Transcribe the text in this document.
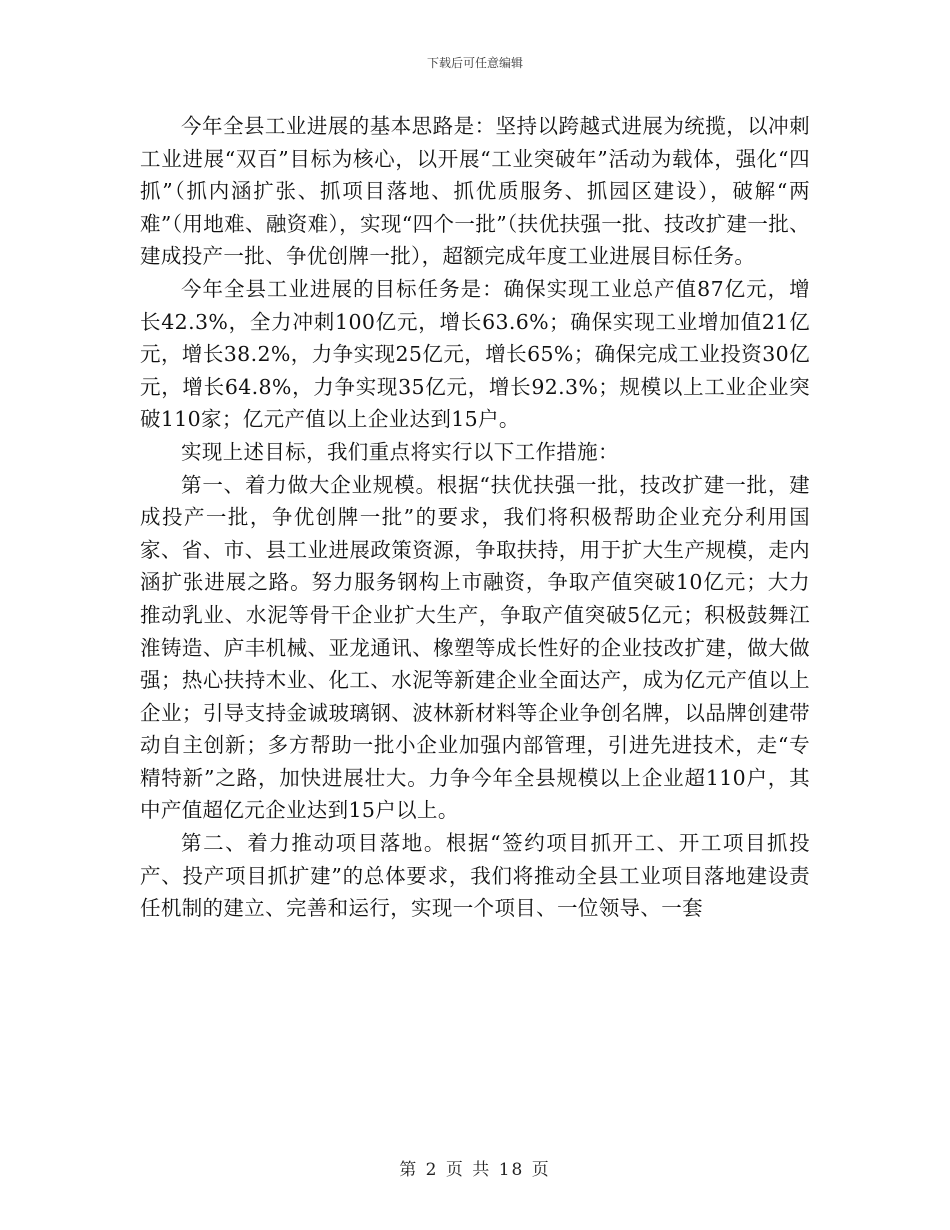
下载后可任意编辑

今年全县工业进展的基本思路是：坚持以跨越式进展为统揽，以冲刺工业进展“双百”目标为核心，以开展“工业突破年”活动为载体，强化“四抓”（抓内涵扩张、抓项目落地、抓优质服务、抓园区建设），破解“两难”（用地难、融资难），实现“四个一批”（扶优扶强一批、技改扩建一批、建成投产一批、争优创牌一批），超额完成年度工业进展目标任务。

今年全县工业进展的目标任务是：确保实现工业总产值87亿元，增长42.3%，全力冲刺100亿元，增长63.6%；确保实现工业增加值21亿元，增长38.2%，力争实现25亿元，增长65%；确保完成工业投资30亿元，增长64.8%，力争实现35亿元，增长92.3%；规模以上工业企业突破110家；亿元产值以上企业达到15户。

实现上述目标，我们重点将实行以下工作措施：

第一、着力做大企业规模。根据“扶优扶强一批，技改扩建一批，建成投产一批，争优创牌一批”的要求，我们将积极帮助企业充分利用国家、省、市、县工业进展政策资源，争取扶持，用于扩大生产规模，走内涵扩张进展之路。努力服务钢构上市融资，争取产值突破10亿元；大力推动乳业、水泥等骨干企业扩大生产，争取产值突破5亿元；积极鼓舞江淮铸造、庐丰机械、亚龙通讯、橡塑等成长性好的企业技改扩建，做大做强；热心扶持木业、化工、水泥等新建企业全面达产，成为亿元产值以上企业；引导支持金诚玻璃钢、波林新材料等企业争创名牌，以品牌创建带动自主创新；多方帮助一批小企业加强内部管理，引进先进技术，走“专精特新”之路，加快进展壮大。力争今年全县规模以上企业超110户，其中产值超亿元企业达到15户以上。

第二、着力推动项目落地。根据“签约项目抓开工、开工项目抓投产、投产项目抓扩建”的总体要求，我们将推动全县工业项目落地建设责任机制的建立、完善和运行，实现一个项目、一位领导、一套

第 2 页 共 18 页
